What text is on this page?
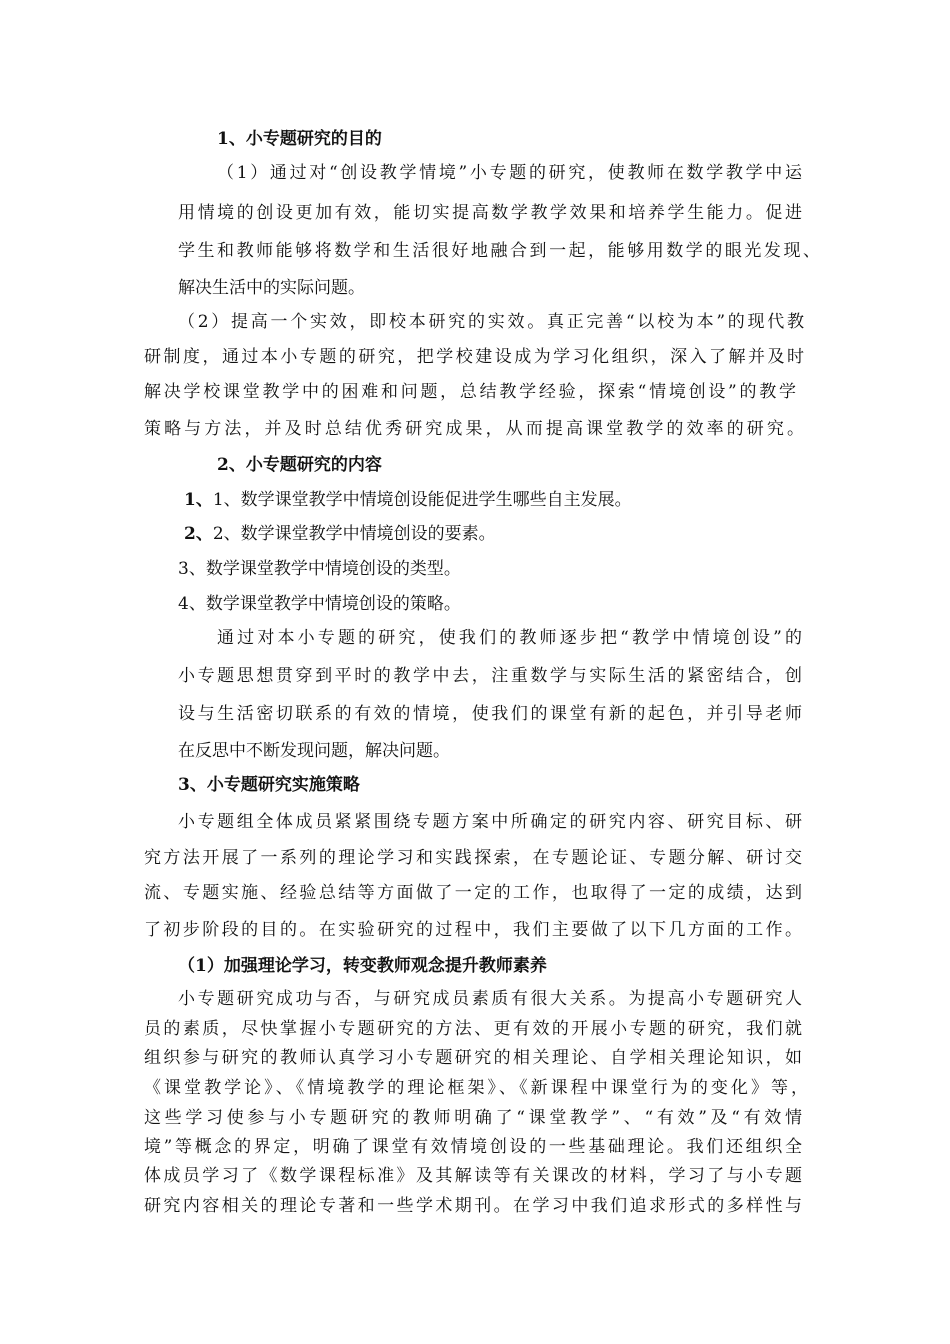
1、小专题研究的目的
（1）通过对“创设教学情境”小专题的研究，使教师在数学教学中运
用情境的创设更加有效，能切实提高数学教学效果和培养学生能力。促进
学生和教师能够将数学和生活很好地融合到一起，能够用数学的眼光发现、
解决生活中的实际问题。
（2）提高一个实效，即校本研究的实效。真正完善“以校为本”的现代教
研制度，通过本小专题的研究，把学校建设成为学习化组织，深入了解并及时
解决学校课堂教学中的困难和问题，总结教学经验，探索“情境创设”的教学
策略与方法，并及时总结优秀研究成果，从而提高课堂教学的效率的研究。
2、小专题研究的内容
1、1、数学课堂教学中情境创设能促进学生哪些自主发展。
2、2、数学课堂教学中情境创设的要素。
3、数学课堂教学中情境创设的类型。
4、数学课堂教学中情境创设的策略。
通过对本小专题的研究，使我们的教师逐步把“教学中情境创设”的
小专题思想贯穿到平时的教学中去，注重数学与实际生活的紧密结合，创
设与生活密切联系的有效的情境，使我们的课堂有新的起色，并引导老师
在反思中不断发现问题，解决问题。
3、小专题研究实施策略
小专题组全体成员紧紧围绕专题方案中所确定的研究内容、研究目标、研
究方法开展了一系列的理论学习和实践探索，在专题论证、专题分解、研讨交
流、专题实施、经验总结等方面做了一定的工作，也取得了一定的成绩，达到
了初步阶段的目的。在实验研究的过程中，我们主要做了以下几方面的工作。
（1）加强理论学习，转变教师观念提升教师素养
小专题研究成功与否，与研究成员素质有很大关系。为提高小专题研究人
员的素质，尽快掌握小专题研究的方法、更有效的开展小专题的研究，我们就
组织参与研究的教师认真学习小专题研究的相关理论、自学相关理论知识，如
《课堂教学论》、《情境教学的理论框架》、《新课程中课堂行为的变化》等，
这些学习使参与小专题研究的教师明确了“课堂教学”、“有效”及“有效情
境”等概念的界定，明确了课堂有效情境创设的一些基础理论。我们还组织全
体成员学习了《数学课程标准》及其解读等有关课改的材料，学习了与小专题
研究内容相关的理论专著和一些学术期刊。在学习中我们追求形式的多样性与
